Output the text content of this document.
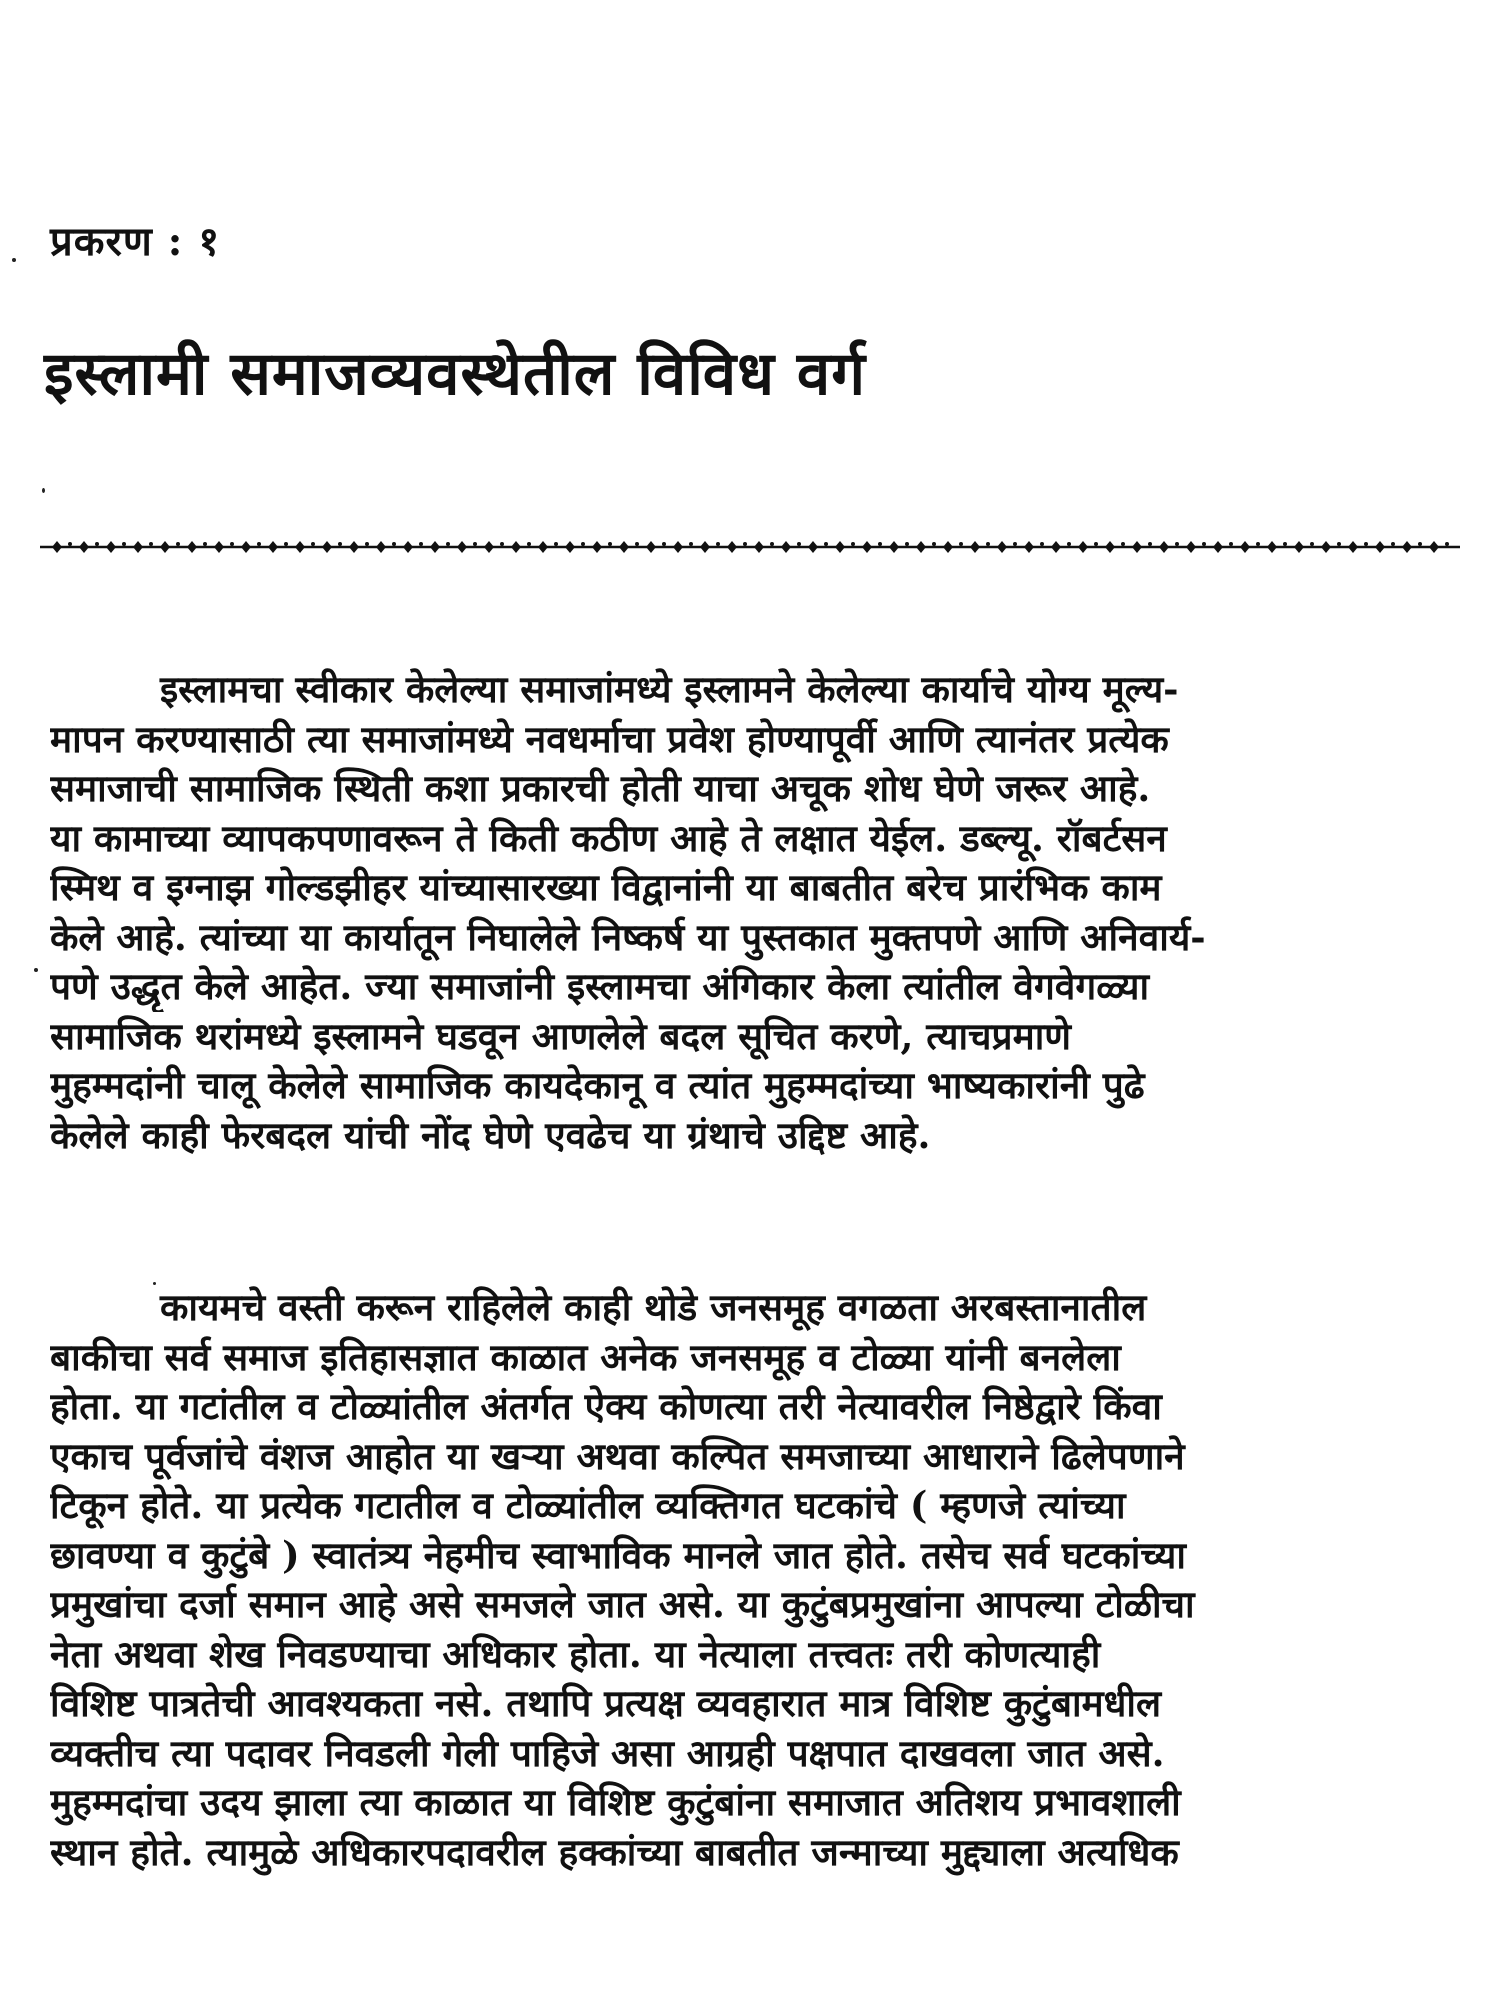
प्रकरण : १
इस्लामी समाजव्यवस्थेतील विविध वर्ग
इस्लामचा स्वीकार केलेल्या समाजांमध्ये इस्लामने केलेल्या कार्याचे योग्य मूल्य-
मापन करण्यासाठी त्या समाजांमध्ये नवधर्माचा प्रवेश होण्यापूर्वी आणि त्यानंतर प्रत्येक
समाजाची सामाजिक स्थिती कशा प्रकारची होती याचा अचूक शोध घेणे जरूर आहे.
या कामाच्या व्यापकपणावरून ते किती कठीण आहे ते लक्षात येईल. डब्ल्यू. रॉबर्टसन
स्मिथ व इग्नाझ गोल्डझीहर यांच्यासारख्या विद्वानांनी या बाबतीत बरेच प्रारंभिक काम
केले आहे. त्यांच्या या कार्यातून निघालेले निष्कर्ष या पुस्तकात मुक्तपणे आणि अनिवार्य-
पणे उद्धृत केले आहेत. ज्या समाजांनी इस्लामचा अंगिकार केला त्यांतील वेगवेगळ्या
सामाजिक थरांमध्ये इस्लामने घडवून आणलेले बदल सूचित करणे, त्याचप्रमाणे
मुहम्मदांनी चालू केलेले सामाजिक कायदेकानू व त्यांत मुहम्मदांच्या भाष्यकारांनी पुढे
केलेले काही फेरबदल यांची नोंद घेणे एवढेच या ग्रंथाचे उद्दिष्ट आहे.
कायमचे वस्ती करून राहिलेले काही थोडे जनसमूह वगळता अरबस्तानातील
बाकीचा सर्व समाज इतिहासज्ञात काळात अनेक जनसमूह व टोळ्या यांनी बनलेला
होता. या गटांतील व टोळ्यांतील अंतर्गत ऐक्य कोणत्या तरी नेत्यावरील निष्ठेद्वारे किंवा
एकाच पूर्वजांचे वंशज आहोत या खऱ्या अथवा कल्पित समजाच्या आधाराने ढिलेपणाने
टिकून होते. या प्रत्येक गटातील व टोळ्यांतील व्यक्तिगत घटकांचे ( म्हणजे त्यांच्या
छावण्या व कुटुंबे ) स्वातंत्र्य नेहमीच स्वाभाविक मानले जात होते. तसेच सर्व घटकांच्या
प्रमुखांचा दर्जा समान आहे असे समजले जात असे. या कुटुंबप्रमुखांना आपल्या टोळीचा
नेता अथवा शेख निवडण्याचा अधिकार होता. या नेत्याला तत्त्वतः तरी कोणत्याही
विशिष्ट पात्रतेची आवश्यकता नसे. तथापि प्रत्यक्ष व्यवहारात मात्र विशिष्ट कुटुंबामधील
व्यक्तीच त्या पदावर निवडली गेली पाहिजे असा आग्रही पक्षपात दाखवला जात असे.
मुहम्मदांचा उदय झाला त्या काळात या विशिष्ट कुटुंबांना समाजात अतिशय प्रभावशाली
स्थान होते. त्यामुळे अधिकारपदावरील हक्कांच्या बाबतीत जन्माच्या मुद्द्याला अत्यधिक
